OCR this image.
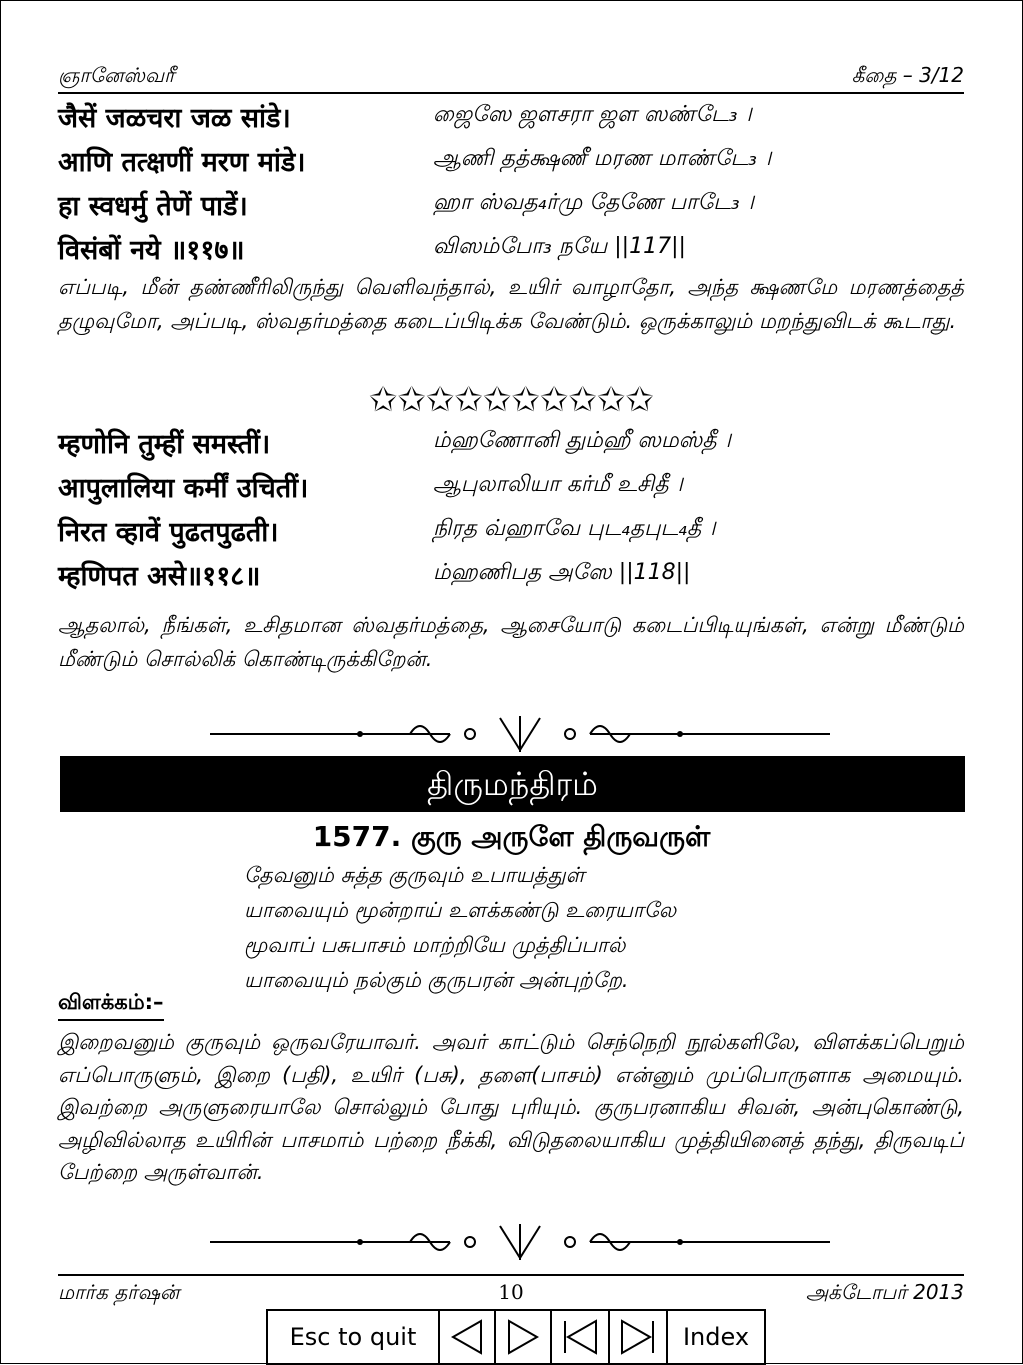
ஞானேஸ்வரீ	கீதை – 3/12
जैसें जळचरा जळ सांडे।	ஜைஸே ஜளசரா ஜள ஸண்டே₃ ।
आणि तत्क्षणीं मरण मांडे।	ஆணி தத்க்ஷணீ மரண மாண்டே₃ ।
हा स्वधर्मु तेणें पाडें।	ஹா ஸ்வத₄ர்மு தேணே பாடே₃ ।
विसंबों नये ॥११७॥	விஸம்போ₃ நயே ||117||
எப்படி, மீன் தண்ணீரிலிருந்து வெளிவந்தால், உயிர் வாழாதோ, அந்த க்ஷணமே மரணத்தைத் தழுவுமோ, அப்படி, ஸ்வதர்மத்தை கடைப்பிடிக்க வேண்டும். ஒருக்காலும் மறந்துவிடக் கூடாது.
✩✩✩✩✩✩✩✩✩✩
म्हणोनि तुम्हीं समस्तीं।	ம்ஹணோனி தும்ஹீ ஸமஸ்தீ ।
आपुलालिया कर्मीं उचितीं।	ஆபுலாலியா கர்மீ உசிதீ ।
निरत व्हावें पुढतपुढती।	நிரத வ்ஹாவே புட₄தபுட₄தீ ।
म्हणिपत असे॥११८॥	ம்ஹணிபத அஸே ||118||
ஆதலால், நீங்கள், உசிதமான ஸ்வதர்மத்தை, ஆசையோடு கடைப்பிடியுங்கள், என்று மீண்டும் மீண்டும் சொல்லிக் கொண்டிருக்கிறேன்.
திருமந்திரம்
1577. குரு அருளே திருவருள்
தேவனும் சுத்த குருவும் உபாயத்துள்
யாவையும் மூன்றாய் உளக்கண்டு உரையாலே
மூவாப் பசுபாசம் மாற்றியே முத்திப்பால்
யாவையும் நல்கும் குருபரன் அன்புற்றே.
விளக்கம்:–
இறைவனும் குருவும் ஒருவரேயாவர். அவர் காட்டும் செந்நெறி நூல்களிலே, விளக்கப்பெறும் எப்பொருளும், இறை (பதி), உயிர் (பசு), தளை(பாசம்) என்னும் முப்பொருளாக அமையும். இவற்றை அருளுரையாலே சொல்லும் போது புரியும். குருபரனாகிய சிவன், அன்புகொண்டு, அழிவில்லாத உயிரின் பாசமாம் பற்றை நீக்கி, விடுதலையாகிய முத்தியினைத் தந்து, திருவடிப் பேற்றை அருள்வான்.
மார்க தர்ஷன்	10	அக்டோபர் 2013
Esc to quit	Index
